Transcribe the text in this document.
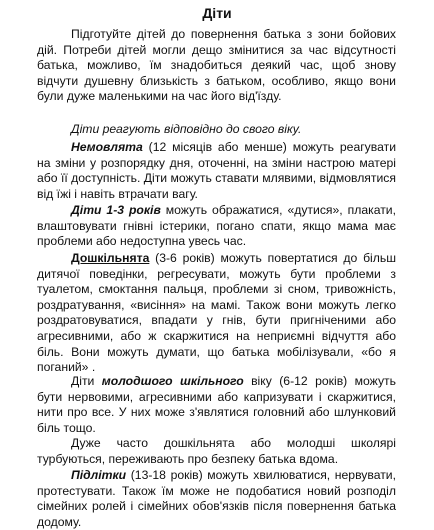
Діти

Підготуйте дітей до повернення батька з зони бойових дій. Потреби дітей могли дещо змінитися за час відсутності батька, можливо, їм знадобиться деякий час, щоб знову відчути душевну близькість з батьком, особливо, якщо вони були дуже маленькими на час його від'їзду.

Діти реагують відповідно до свого віку.

Немовлята (12 місяців або менше) можуть реагувати на зміни у розпорядку дня, оточенні, на зміни настрою матері або її доступність. Діти можуть ставати млявими, відмовлятися від їжі і навіть втрачати вагу.

Діти 1-3 років можуть ображатися, «дутися», плакати, влаштовувати гнівні істерики, погано спати, якщо мама має проблеми або недоступна увесь час.

Дошкільнята (3-6 років) можуть повертатися до більш дитячої поведінки, регресувати, можуть бути проблеми з туалетом, смоктання пальця, проблеми зі сном, тривожність, роздратування, «висіння» на мамі. Також вони можуть легко роздратовуватися, впадати у гнів, бути пригніченими або агресивними, або ж скаржитися на неприємні відчуття або біль. Вони можуть думати, що батька мобілізували, «бо я поганий» .

Діти молодшого шкільного віку (6-12 років) можуть бути нервовими, агресивними або капризувати і скаржитися, нити про все. У них може з'являтися головний або шлунковий біль тощо.

Дуже часто дошкільнята або молодші школярі турбуються, переживають про безпеку батька вдома.

Підлітки (13-18 років) можуть хвилюватися, нервувати, протестувати. Також їм може не подобатися новий розподіл сімейних ролей і сімейних обов'язків після повернення батька додому.
